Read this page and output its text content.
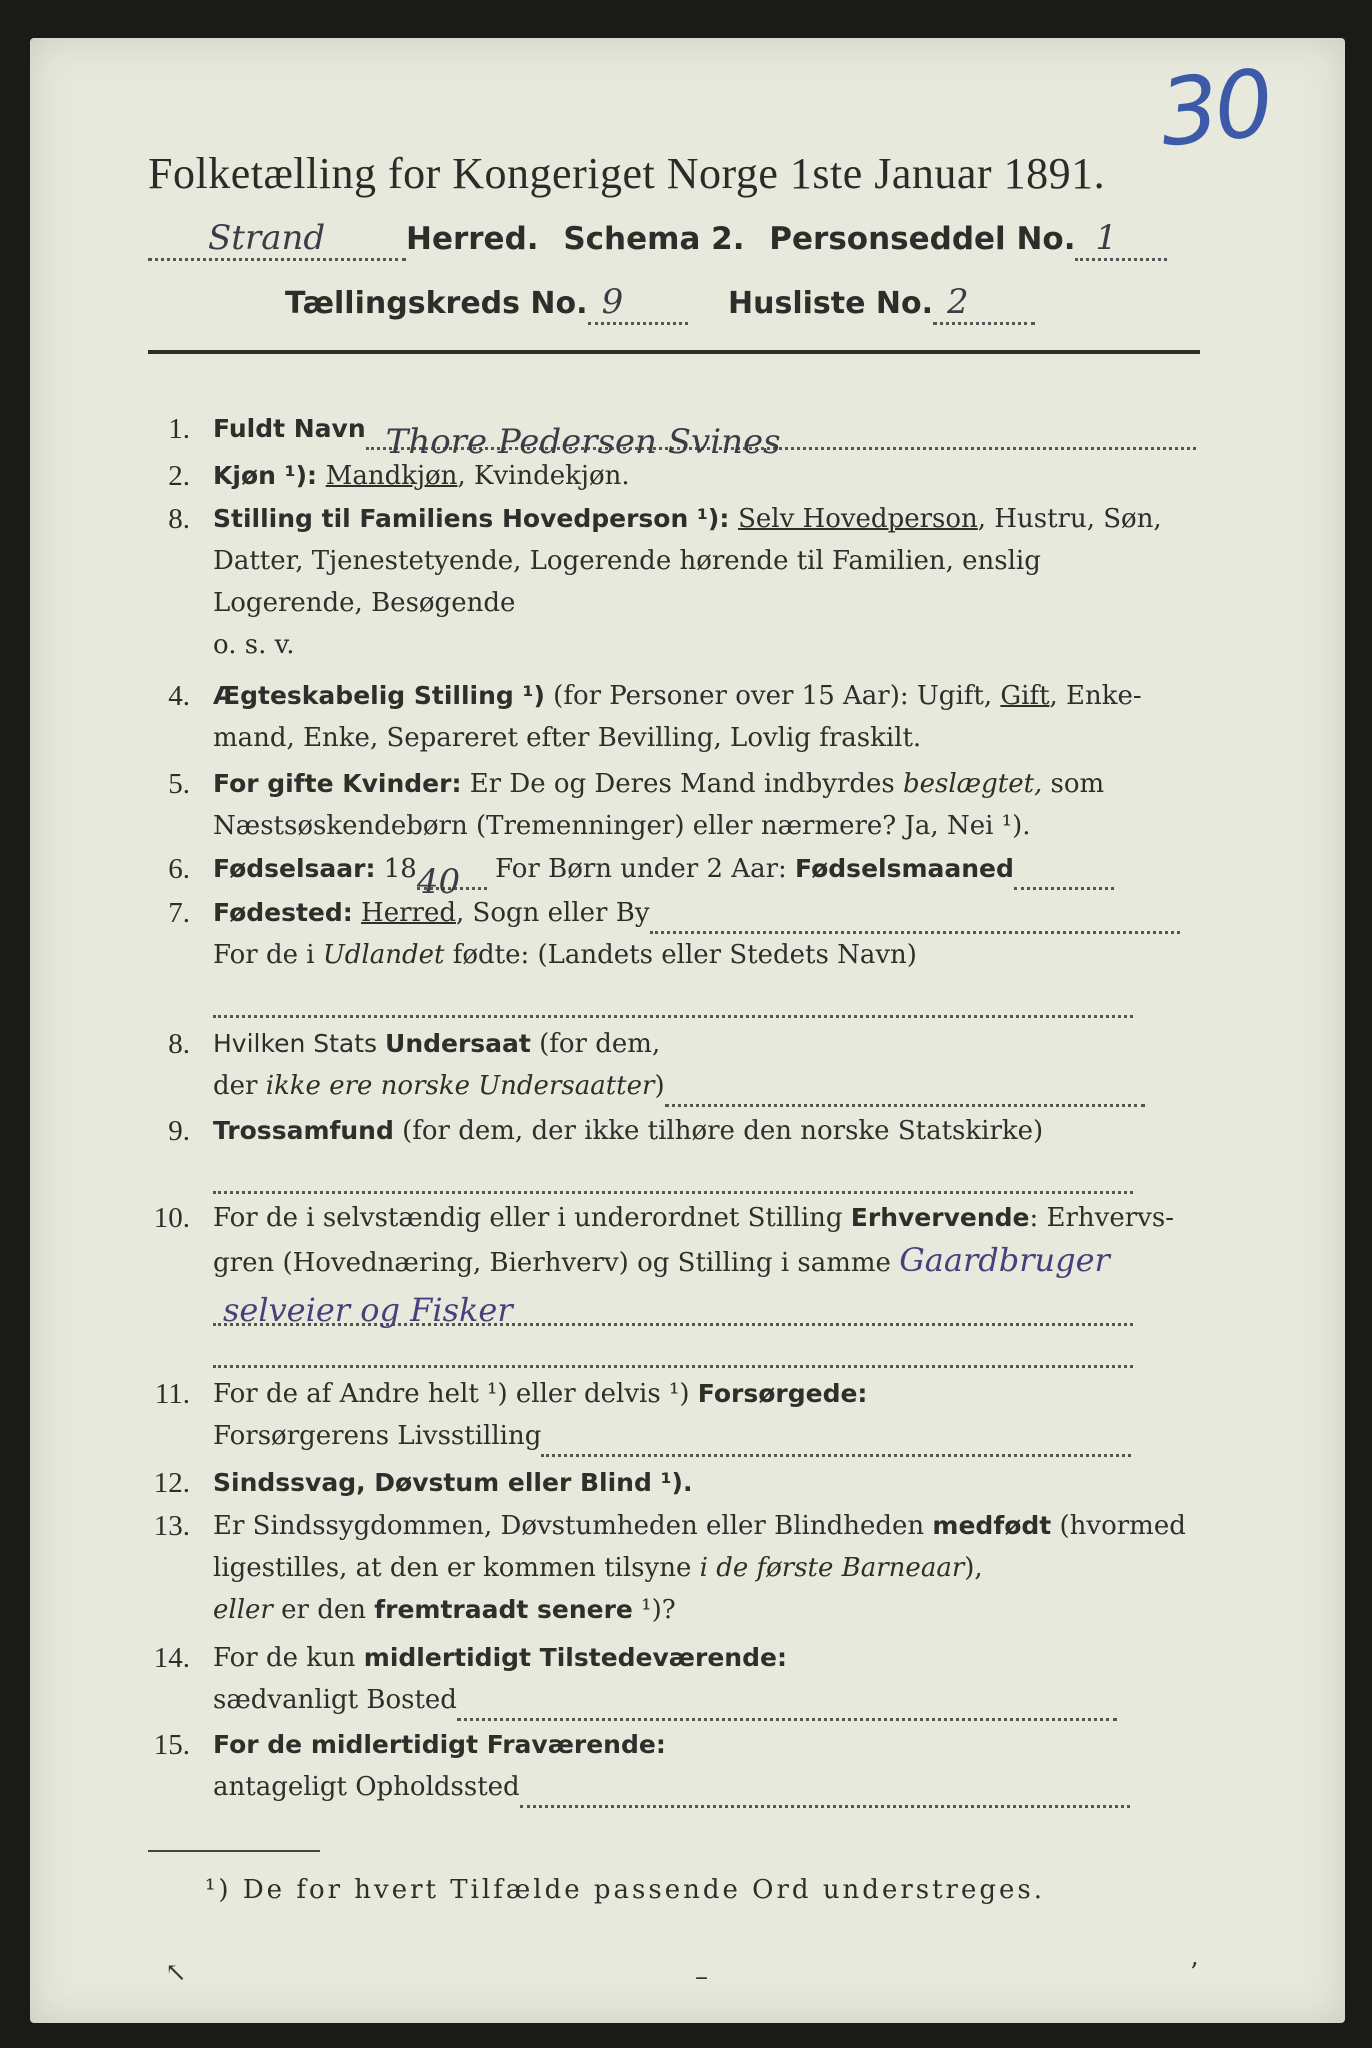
30
Folketælling for Kongeriget Norge 1ste Januar 1891.
Strand	Herred. Schema 2. Personseddel No. 1
Tællingskreds No. 9	Husliste No. 2
1. Fuldt Navn Thore Pedersen Svines
2. Kjøn ¹): Mandkjøn, Kvindekjøn.
8. Stilling til Familiens Hovedperson ¹): Selv Hovedperson, Hustru, Søn,
Datter, Tjenestetyende, Logerende hørende til Familien, enslig
Logerende, Besøgende
o. s. v.
4. Ægteskabelig Stilling ¹) (for Personer over 15 Aar): Ugift, Gift, Enke-
mand, Enke, Separeret efter Bevilling, Lovlig fraskilt.
5. For gifte Kvinder: Er De og Deres Mand indbyrdes beslægtet, som
Næstsøskendebørn (Tremenninger) eller nærmere? Ja, Nei ¹).
6. Fødselsaar: 1840 For Børn under 2 Aar: Fødselsmaaned
7. Fødested: Herred, Sogn eller By
For de i Udlandet fødte: (Landets eller Stedets Navn)
8. Hvilken Stats Undersaat (for dem,
der ikke ere norske Undersaatter)
9. Trossamfund (for dem, der ikke tilhøre den norske Statskirke)
10. For de i selvstændig eller i underordnet Stilling Erhvervende: Erhvervs-
gren (Hovednæring, Bierhverv) og Stilling i samme Gaardbruger
selveier og Fisker
11. For de af Andre helt ¹) eller delvis ¹) Forsørgede:
Forsørgerens Livsstilling
12. Sindssvag, Døvstum eller Blind ¹).
13. Er Sindssygdommen, Døvstumheden eller Blindheden medfødt (hvormed
ligestilles, at den er kommen tilsyne i de første Barneaar),
eller er den fremtraadt senere ¹)?
14. For de kun midlertidigt Tilstedeværende:
sædvanligt Bosted
15. For de midlertidigt Fraværende:
antageligt Opholdssted
¹) De for hvert Tilfælde passende Ord understreges.
↖	–	’
